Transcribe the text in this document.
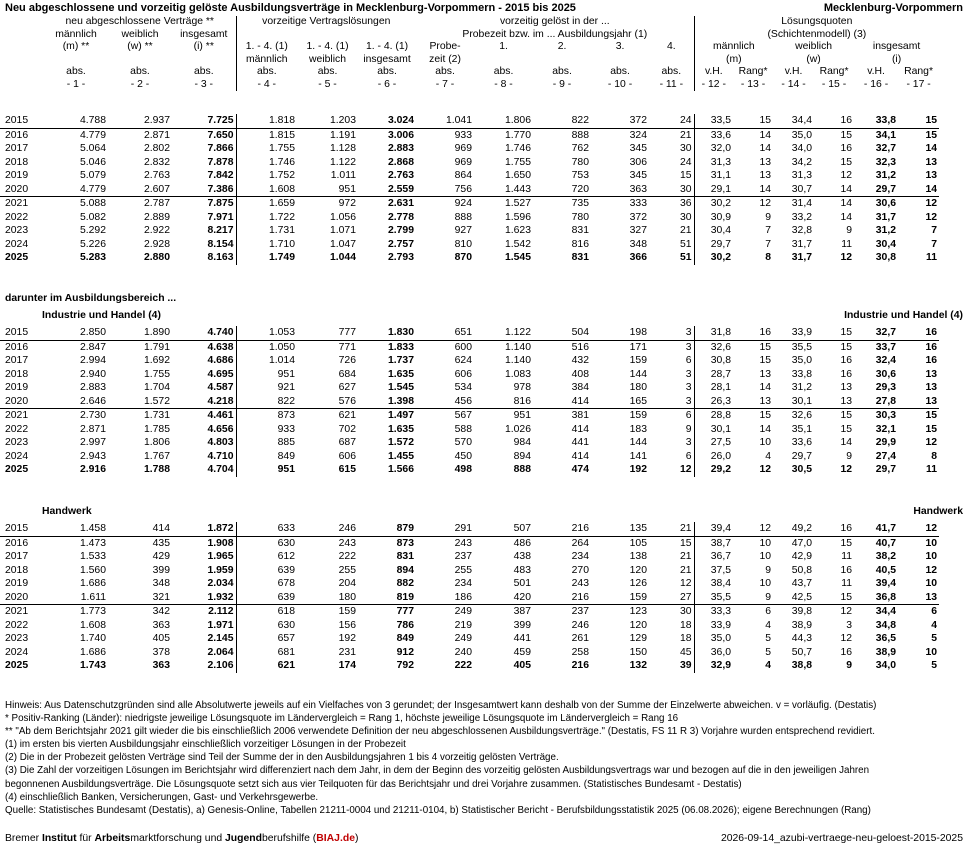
Neu abgeschlossene und vorzeitig gelöste Ausbildungsverträge in Mecklenburg-Vorpommern - 2015 bis 2025	Mecklenburg-Vorpommern
	neu abgeschlossene Verträge **			vorzeitige Vertragslösungen			vorzeitig gelöst in der ...					Lösungsquoten					
	männlich	weiblich	insgesamt				Probezeit bzw. im ... Ausbildungsjahr (1)					(Schichtenmodell) (3)					
	(m) **	(w) **	(i) **	1. - 4. (1)	1. - 4. (1)	1. - 4. (1)	Probe-	1.	2.	3.	4.	männlich		weiblich		insgesamt	
				männlich	weiblich	insgesamt	zeit (2)					(m)		(w)		(i)	
	abs.	abs.	abs.	abs.	abs.	abs.	abs.	abs.	abs.	abs.	abs.	v.H.	Rang*	v.H.	Rang*	v.H.	Rang*
	- 1 -	- 2 -	- 3 -	- 4 -	- 5 -	- 6 -	- 7 -	- 8 -	- 9 -	- 10 -	- 11 -	- 12 -	- 13 -	- 14 -	- 15 -	- 16 -	- 17 -
2015	4.788	2.937	7.725	1.818	1.203	3.024	1.041	1.806	822	372	24	33,5	15	34,4	16	33,8	15
2016	4.779	2.871	7.650	1.815	1.191	3.006	933	1.770	888	324	21	33,6	14	35,0	15	34,1	15
2017	5.064	2.802	7.866	1.755	1.128	2.883	969	1.746	762	345	30	32,0	14	34,0	16	32,7	14
2018	5.046	2.832	7.878	1.746	1.122	2.868	969	1.755	780	306	24	31,3	13	34,2	15	32,3	13
2019	5.079	2.763	7.842	1.752	1.011	2.763	864	1.650	753	345	15	31,1	13	31,3	12	31,2	13
2020	4.779	2.607	7.386	1.608	951	2.559	756	1.443	720	363	30	29,1	14	30,7	14	29,7	14
2021	5.088	2.787	7.875	1.659	972	2.631	924	1.527	735	333	36	30,2	12	31,4	14	30,6	12
2022	5.082	2.889	7.971	1.722	1.056	2.778	888	1.596	780	372	30	30,9	9	33,2	14	31,7	12
2023	5.292	2.922	8.217	1.731	1.071	2.799	927	1.623	831	327	21	30,4	7	32,8	9	31,2	7
2024	5.226	2.928	8.154	1.710	1.047	2.757	810	1.542	816	348	51	29,7	7	31,7	11	30,4	7
2025	5.283	2.880	8.163	1.749	1.044	2.793	870	1.545	831	366	51	30,2	8	31,7	12	30,8	11
darunter im Ausbildungsbereich ...
Industrie und Handel (4)	Industrie und Handel (4)
2015	2.850	1.890	4.740	1.053	777	1.830	651	1.122	504	198	3	31,8	16	33,9	15	32,7	16
2016	2.847	1.791	4.638	1.050	771	1.833	600	1.140	516	171	3	32,6	15	35,5	15	33,7	16
2017	2.994	1.692	4.686	1.014	726	1.737	624	1.140	432	159	6	30,8	15	35,0	16	32,4	16
2018	2.940	1.755	4.695	951	684	1.635	606	1.083	408	144	3	28,7	13	33,8	16	30,6	13
2019	2.883	1.704	4.587	921	627	1.545	534	978	384	180	3	28,1	14	31,2	13	29,3	13
2020	2.646	1.572	4.218	822	576	1.398	456	816	414	165	3	26,3	13	30,1	13	27,8	13
2021	2.730	1.731	4.461	873	621	1.497	567	951	381	159	6	28,8	15	32,6	15	30,3	15
2022	2.871	1.785	4.656	933	702	1.635	588	1.026	414	183	9	30,1	14	35,1	15	32,1	15
2023	2.997	1.806	4.803	885	687	1.572	570	984	441	144	3	27,5	10	33,6	14	29,9	12
2024	2.943	1.767	4.710	849	606	1.455	450	894	414	141	6	26,0	4	29,7	9	27,4	8
2025	2.916	1.788	4.704	951	615	1.566	498	888	474	192	12	29,2	12	30,5	12	29,7	11
Handwerk	Handwerk
2015	1.458	414	1.872	633	246	879	291	507	216	135	21	39,4	12	49,2	16	41,7	12
2016	1.473	435	1.908	630	243	873	243	486	264	105	15	38,7	10	47,0	15	40,7	10
2017	1.533	429	1.965	612	222	831	237	438	234	138	21	36,7	10	42,9	11	38,2	10
2018	1.560	399	1.959	639	255	894	255	483	270	120	21	37,5	9	50,8	16	40,5	12
2019	1.686	348	2.034	678	204	882	234	501	243	126	12	38,4	10	43,7	11	39,4	10
2020	1.611	321	1.932	639	180	819	186	420	216	159	27	35,5	9	42,5	15	36,8	13
2021	1.773	342	2.112	618	159	777	249	387	237	123	30	33,3	6	39,8	12	34,4	6
2022	1.608	363	1.971	630	156	786	219	399	246	120	18	33,9	4	38,9	3	34,8	4
2023	1.740	405	2.145	657	192	849	249	441	261	129	18	35,0	5	44,3	12	36,5	5
2024	1.686	378	2.064	681	231	912	240	459	258	150	45	36,0	5	50,7	16	38,9	10
2025	1.743	363	2.106	621	174	792	222	405	216	132	39	32,9	4	38,8	9	34,0	5
Hinweis: Aus Datenschutzgründen sind alle Absolutwerte jeweils auf ein Vielfaches von 3 gerundet; der Insgesamtwert kann deshalb von der Summe der Einzelwerte abweichen. v = vorläufig. (Destatis)
* Positiv-Ranking (Länder): niedrigste jeweilige Lösungsquote im Ländervergleich = Rang 1, höchste jeweilige Lösungsquote im Ländervergleich = Rang 16
** "Ab dem Berichtsjahr 2021 gilt wieder die bis einschließlich 2006 verwendete Definition der neu abgeschlossenen Ausbildungsverträge." (Destatis, FS 11 R 3) Vorjahre wurden entsprechend revidiert.
(1) im ersten bis vierten Ausbildungsjahr einschließlich vorzeitiger Lösungen in der Probezeit
(2) Die in der Probezeit gelösten Verträge sind Teil der Summe der in den Ausbildungsjahren 1 bis 4 vorzeitig gelösten Verträge.
(3) Die Zahl der vorzeitigen Lösungen im Berichtsjahr wird differenziert nach dem Jahr, in dem der Beginn des vorzeitig gelösten Ausbildungsvertrags war und bezogen auf die in den jeweiligen Jahren
begonnenen Ausbildungsverträge. Die Lösungsquote setzt sich aus vier Teilquoten für das Berichtsjahr und drei Vorjahre zusammen. (Statistisches Bundesamt - Destatis)
(4) einschließlich Banken, Versicherungen, Gast- und Verkehrsgewerbe.
Quelle: Statistisches Bundesamt (Destatis), a) Genesis-Online, Tabellen 21211-0004 und 21211-0104, b) Statistischer Bericht - Berufsbildungsstatistik 2025 (06.08.2026); eigene Berechnungen (Rang)
Bremer Institut für Arbeitsmarktforschung und Jugendberufshilfe (BIAJ.de)	2026-09-14_azubi-vertraege-neu-geloest-2015-2025
